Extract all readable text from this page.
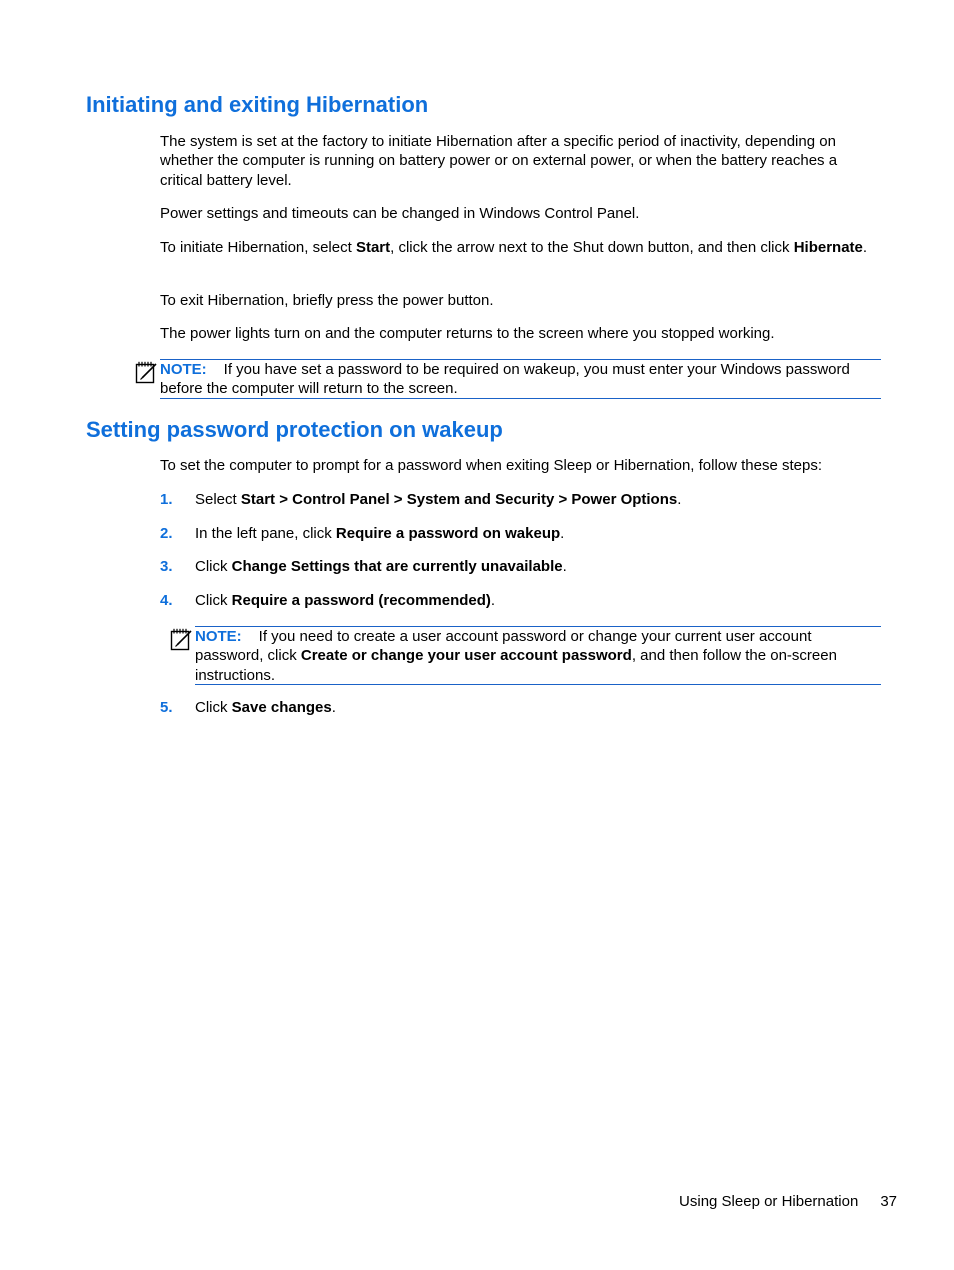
Initiating and exiting Hibernation

The system is set at the factory to initiate Hibernation after a specific period of inactivity, depending on whether the computer is running on battery power or on external power, or when the battery reaches a critical battery level.

Power settings and timeouts can be changed in Windows Control Panel.

To initiate Hibernation, select Start, click the arrow next to the Shut down button, and then click Hibernate.

To exit Hibernation, briefly press the power button.

The power lights turn on and the computer returns to the screen where you stopped working.

NOTE: If you have set a password to be required on wakeup, you must enter your Windows password before the computer will return to the screen.
Setting password protection on wakeup

To set the computer to prompt for a password when exiting Sleep or Hibernation, follow these steps:

1. Select Start > Control Panel > System and Security > Power Options.
2. In the left pane, click Require a password on wakeup.
3. Click Change Settings that are currently unavailable.
4. Click Require a password (recommended).
NOTE: If you need to create a user account password or change your current user account password, click Create or change your user account password, and then follow the on-screen instructions.
5. Click Save changes.
Using Sleep or Hibernation 37
